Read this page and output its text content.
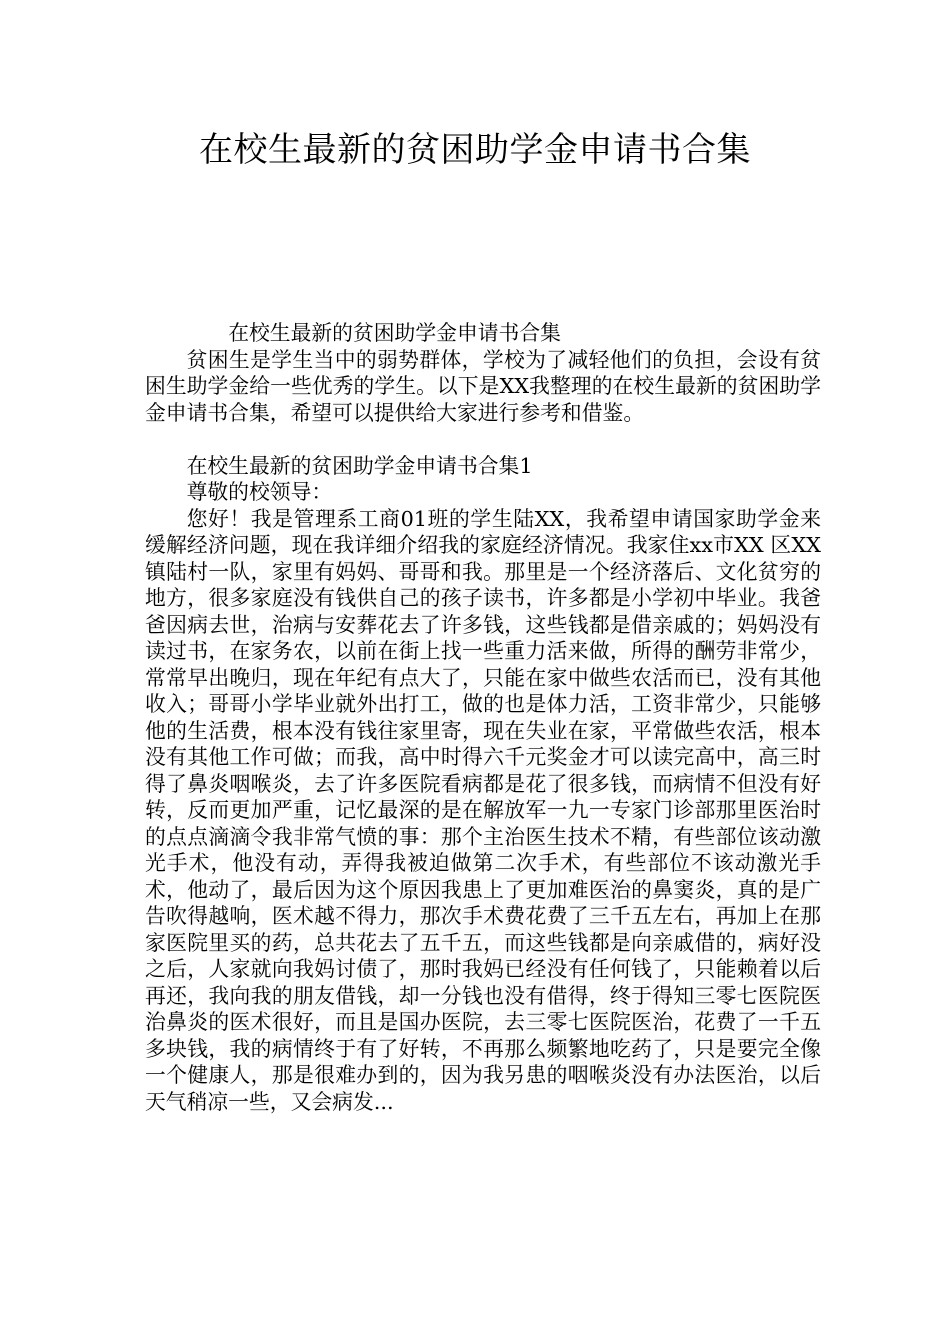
在校生最新的贫困助学金申请书合集

在校生最新的贫困助学金申请书合集

贫困生是学生当中的弱势群体，学校为了减轻他们的负担，会设有贫困生助学金给一些优秀的学生。以下是XX我整理的在校生最新的贫困助学金申请书合集，希望可以提供给大家进行参考和借鉴。

在校生最新的贫困助学金申请书合集1

尊敬的校领导：

您好！我是管理系工商01班的学生陆XX，我希望申请国家助学金来缓解经济问题，现在我详细介绍我的家庭经济情况。我家住xx市XX 区XX 镇陆村一队，家里有妈妈、哥哥和我。那里是一个经济落后、文化贫穷的地方，很多家庭没有钱供自己的孩子读书，许多都是小学初中毕业。我爸爸因病去世，治病与安葬花去了许多钱，这些钱都是借亲戚的；妈妈没有读过书，在家务农，以前在街上找一些重力活来做，所得的酬劳非常少，常常早出晚归，现在年纪有点大了，只能在家中做些农活而已，没有其他收入；哥哥小学毕业就外出打工，做的也是体力活，工资非常少，只能够他的生活费，根本没有钱往家里寄，现在失业在家，平常做些农活，根本没有其他工作可做；而我，高中时得六千元奖金才可以读完高中，高三时得了鼻炎咽喉炎，去了许多医院看病都是花了很多钱，而病情不但没有好转，反而更加严重，记忆最深的是在解放军一九一专家门诊部那里医治时的点点滴滴令我非常气愤的事：那个主治医生技术不精，有些部位该动激光手术，他没有动，弄得我被迫做第二次手术，有些部位不该动激光手术，他动了，最后因为这个原因我患上了更加难医治的鼻窦炎，真的是广告吹得越响，医术越不得力，那次手术费花费了三千五左右，再加上在那家医院里买的药，总共花去了五千五，而这些钱都是向亲戚借的，病好没之后，人家就向我妈讨债了，那时我妈已经没有任何钱了，只能赖着以后再还，我向我的朋友借钱，却一分钱也没有借得，终于得知三零七医院医治鼻炎的医术很好，而且是国办医院，去三零七医院医治，花费了一千五多块钱，我的病情终于有了好转，不再那么频繁地吃药了，只是要完全像一个健康人，那是很难办到的，因为我另患的咽喉炎没有办法医治，以后天气稍凉一些，又会病发...
